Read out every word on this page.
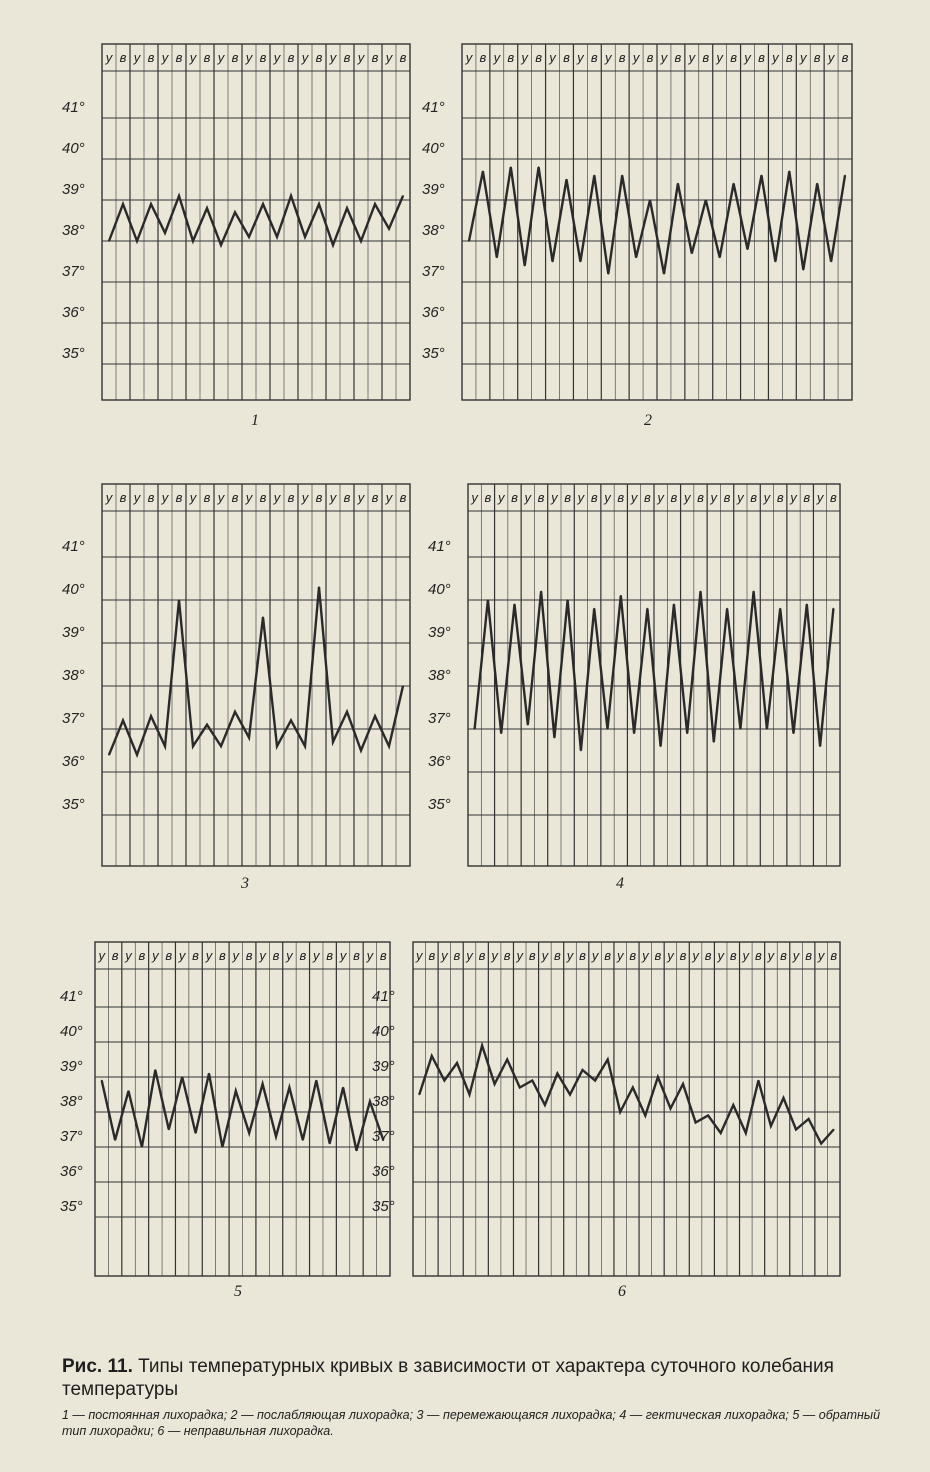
у в у в у в у в у в у в у в у в у в у в у в
41°
40°
39°
38°
37°
36°
35°
1
у в у в у в у в у в у в у в у в у в у в у в у в у в у в
41°
40°
39°
38°
37°
36°
35°
2
у в у в у в у в у в у в у в у в у в у в у в
41°
40°
39°
38°
37°
36°
35°
3
у в у в у в у в у в у в у в у в у в у в у в у в у в у в
41°
40°
39°
38°
37°
36°
35°
4
у в у в у в у в у в у в у в у в у в у в у в
41°
40°
39°
38°
37°
36°
35°
5
у в у в у в у в у в у в у в у в у в у в у в у в у в у в у в у в у в
41°
40°
39°
38°
37°
36°
35°
6

Рис. 11. Типы температурных кривых в зависимости от характера суточного колебания температуры

1 — постоянная лихорадка; 2 — послабляющая лихорадка; 3 — перемежающаяся лихорадка; 4 — гектическая лихорадка; 5 — обратный тип лихорадки; 6 — неправильная лихорадка.
